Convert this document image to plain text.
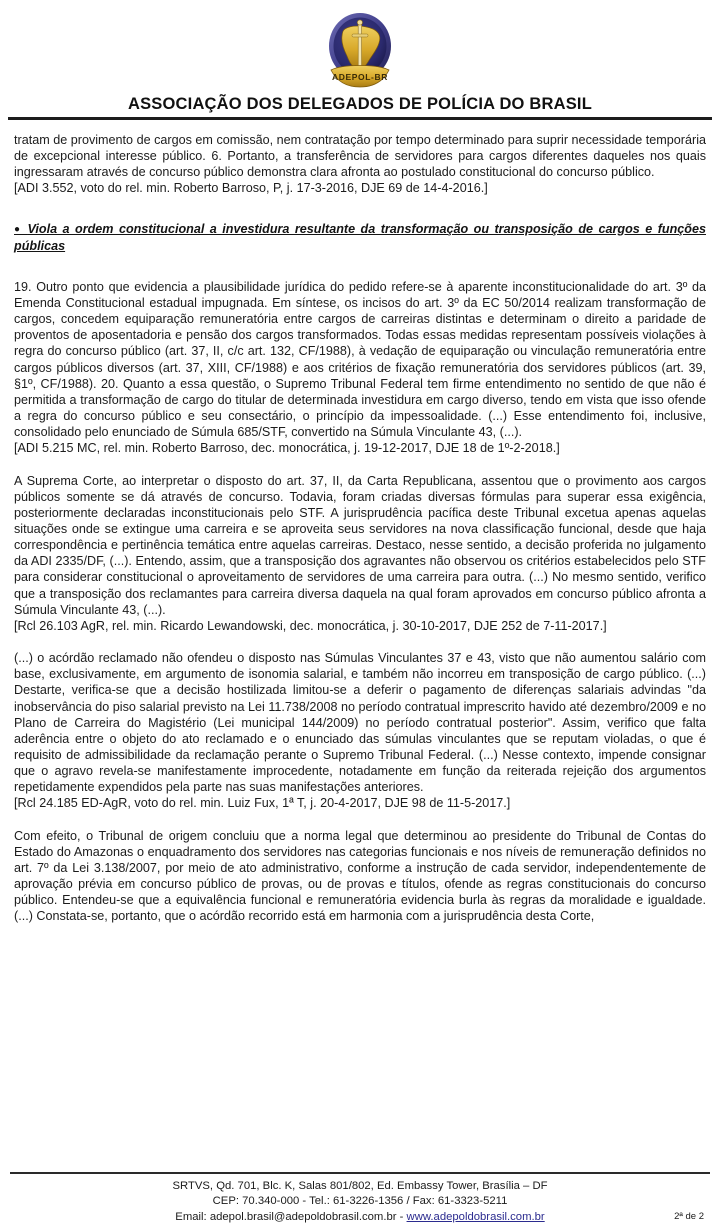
ADEPOL-BR
ASSOCIAÇÃO DOS DELEGADOS DE POLÍCIA DO BRASIL

tratam de provimento de cargos em comissão, nem contratação por tempo determinado para suprir necessidade temporária de excepcional interesse público. 6. Portanto, a transferência de servidores para cargos diferentes daqueles nos quais ingressaram através de concurso público demonstra clara afronta ao postulado constitucional do concurso público.

[ADI 3.552, voto do rel. min. Roberto Barroso, P, j. 17-3-2016, DJE 69 de 14-4-2016.]

● Viola a ordem constitucional a investidura resultante da transformação ou transposição de cargos e funções públicas

19. Outro ponto que evidencia a plausibilidade jurídica do pedido refere-se à aparente inconstitucionalidade do art. 3º da Emenda Constitucional estadual impugnada. Em síntese, os incisos do art. 3º da EC 50/2014 realizam transformação de cargos, concedem equiparação remuneratória entre cargos de carreiras distintas e determinam o direito a paridade de proventos de aposentadoria e pensão dos cargos transformados. Todas essas medidas representam possíveis violações à regra do concurso público (art. 37, II, c/c art. 132, CF/1988), à vedação de equiparação ou vinculação remuneratória entre cargos públicos diversos (art. 37, XIII, CF/1988) e aos critérios de fixação remuneratória dos servidores públicos (art. 39, §1º, CF/1988). 20. Quanto a essa questão, o Supremo Tribunal Federal tem firme entendimento no sentido de que não é permitida a transformação de cargo do titular de determinada investidura em cargo diverso, tendo em vista que isso ofende a regra do concurso público e seu consectário, o princípio da impessoalidade. (...) Esse entendimento foi, inclusive, consolidado pelo enunciado de Súmula 685/STF, convertido na Súmula Vinculante 43, (...).

[ADI 5.215 MC, rel. min. Roberto Barroso, dec. monocrática, j. 19-12-2017, DJE 18 de 1º-2-2018.]

A Suprema Corte, ao interpretar o disposto do art. 37, II, da Carta Republicana, assentou que o provimento aos cargos públicos somente se dá através de concurso. Todavia, foram criadas diversas fórmulas para superar essa exigência, posteriormente declaradas inconstitucionais pelo STF. A jurisprudência pacífica deste Tribunal excetua apenas aquelas situações onde se extingue uma carreira e se aproveita seus servidores na nova classificação funcional, desde que haja correspondência e pertinência temática entre aquelas carreiras. Destaco, nesse sentido, a decisão proferida no julgamento da ADI 2335/DF, (...). Entendo, assim, que a transposição dos agravantes não observou os critérios estabelecidos pelo STF para considerar constitucional o aproveitamento de servidores de uma carreira para outra. (...) No mesmo sentido, verifico que a transposição dos reclamantes para carreira diversa daquela na qual foram aprovados em concurso público afronta a Súmula Vinculante 43, (...).

[Rcl 26.103 AgR, rel. min. Ricardo Lewandowski, dec. monocrática, j. 30-10-2017, DJE 252 de 7-11-2017.]

(...) o acórdão reclamado não ofendeu o disposto nas Súmulas Vinculantes 37 e 43, visto que não aumentou salário com base, exclusivamente, em argumento de isonomia salarial, e também não incorreu em transposição de cargo público. (...) Destarte, verifica-se que a decisão hostilizada limitou-se a deferir o pagamento de diferenças salariais advindas "da inobservância do piso salarial previsto na Lei 11.738/2008 no período contratual imprescrito havido até dezembro/2009 e no Plano de Carreira do Magistério (Lei municipal 144/2009) no período contratual posterior". Assim, verifico que falta aderência entre o objeto do ato reclamado e o enunciado das súmulas vinculantes que se reputam violadas, o que é requisito de admissibilidade da reclamação perante o Supremo Tribunal Federal. (...) Nesse contexto, impende consignar que o agravo revela-se manifestamente improcedente, notadamente em função da reiterada rejeição dos argumentos repetidamente expendidos pela parte nas suas manifestações anteriores.

[Rcl 24.185 ED-AgR, voto do rel. min. Luiz Fux, 1ª T, j. 20-4-2017, DJE 98 de 11-5-2017.]

Com efeito, o Tribunal de origem concluiu que a norma legal que determinou ao presidente do Tribunal de Contas do Estado do Amazonas o enquadramento dos servidores nas categorias funcionais e nos níveis de remuneração definidos no art. 7º da Lei 3.138/2007, por meio de ato administrativo, conforme a instrução de cada servidor, independentemente de aprovação prévia em concurso público de provas, ou de provas e títulos, ofende as regras constitucionais do concurso público. Entendeu-se que a equivalência funcional e remuneratória evidencia burla às regras da moralidade e igualdade. (...) Constata-se, portanto, que o acórdão recorrido está em harmonia com a jurisprudência desta Corte,

SRTVS, Qd. 701, Blc. K, Salas 801/802, Ed. Embassy Tower, Brasília – DF
CEP: 70.340-000 - Tel.: 61-3226-1356 / Fax: 61-3323-5211
Email: adepol.brasil@adepoldobrasil.com.br - www.adepoldobrasil.com.br	2ª de 2
